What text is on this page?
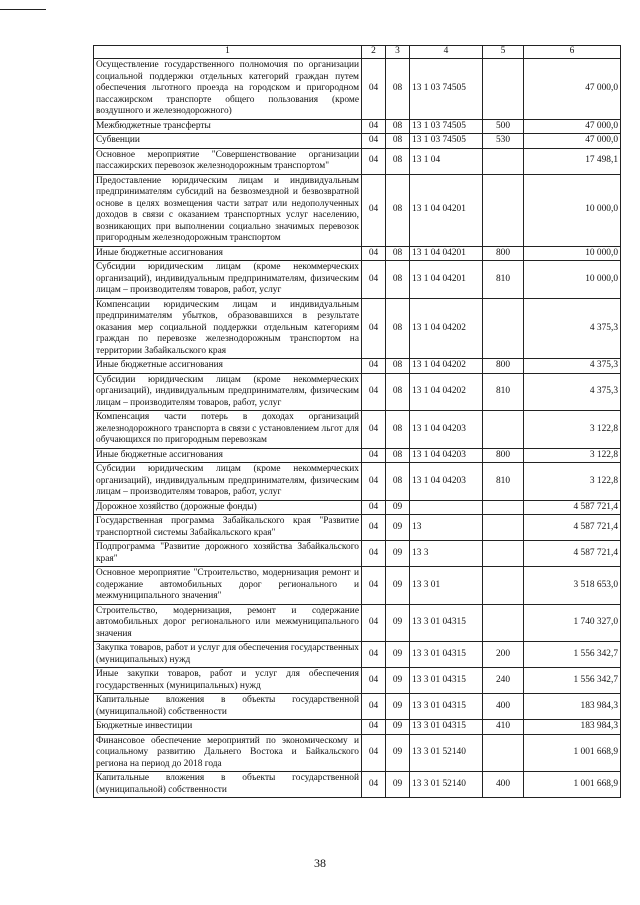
1	2	3	4	5	6
Осуществление государственного полномочия по организации социальной поддержки отдельных категорий граждан путем обеспечения льготного проезда на городском и пригородном пассажирском транспорте общего пользования (кроме воздушного и железнодорожного)	04	08	13 1 03 74505		47 000,0
Межбюджетные трансферты	04	08	13 1 03 74505	500	47 000,0
Субвенции	04	08	13 1 03 74505	530	47 000,0
Основное мероприятие "Совершенствование организации пассажирских перевозок железнодорожным транспортом"	04	08	13 1 04		17 498,1
Предоставление юридическим лицам и индивидуальным предпринимателям субсидий на безвозмездной и безвозвратной основе в целях возмещения части затрат или недополученных доходов в связи с оказанием транспортных услуг населению, возникающих при выполнении социально значимых перевозок пригородным железнодорожным транспортом	04	08	13 1 04 04201		10 000,0
Иные бюджетные ассигнования	04	08	13 1 04 04201	800	10 000,0
Субсидии юридическим лицам (кроме некоммерческих организаций), индивидуальным предпринимателям, физическим лицам – производителям товаров, работ, услуг	04	08	13 1 04 04201	810	10 000,0
Компенсации юридическим лицам и индивидуальным предпринимателям убытков, образовавшихся в результате оказания мер социальной поддержки отдельным категориям граждан по перевозке железнодорожным транспортом на территории Забайкальского края	04	08	13 1 04 04202		4 375,3
Иные бюджетные ассигнования	04	08	13 1 04 04202	800	4 375,3
Субсидии юридическим лицам (кроме некоммерческих организаций), индивидуальным предпринимателям, физическим лицам – производителям товаров, работ, услуг	04	08	13 1 04 04202	810	4 375,3
Компенсация части потерь в доходах организаций железнодорожного транспорта в связи с установлением льгот для обучающихся по пригородным перевозкам	04	08	13 1 04 04203		3 122,8
Иные бюджетные ассигнования	04	08	13 1 04 04203	800	3 122,8
Субсидии юридическим лицам (кроме некоммерческих организаций), индивидуальным предпринимателям, физическим лицам – производителям товаров, работ, услуг	04	08	13 1 04 04203	810	3 122,8
Дорожное хозяйство (дорожные фонды)	04	09			4 587 721,4
Государственная программа Забайкальского края "Развитие транспортной системы Забайкальского края"	04	09	13		4 587 721,4
Подпрограмма "Развитие дорожного хозяйства Забайкальского края"	04	09	13 3		4 587 721,4
Основное мероприятие "Строительство, модернизация ремонт и содержание автомобильных дорог регионального и межмуниципального значения"	04	09	13 3 01		3 518 653,0
Строительство, модернизация, ремонт и содержание автомобильных дорог регионального или межмуниципального значения	04	09	13 3 01 04315		1 740 327,0
Закупка товаров, работ и услуг для обеспечения государственных (муниципальных) нужд	04	09	13 3 01 04315	200	1 556 342,7
Иные закупки товаров, работ и услуг для обеспечения государственных (муниципальных) нужд	04	09	13 3 01 04315	240	1 556 342,7
Капитальные вложения в объекты государственной (муниципальной) собственности	04	09	13 3 01 04315	400	183 984,3
Бюджетные инвестиции	04	09	13 3 01 04315	410	183 984,3
Финансовое обеспечение мероприятий по экономическому и социальному развитию Дальнего Востока и Байкальского региона на период до 2018 года	04	09	13 3 01 52140		1 001 668,9
Капитальные вложения в объекты государственной (муниципальной) собственности	04	09	13 3 01 52140	400	1 001 668,9
38
